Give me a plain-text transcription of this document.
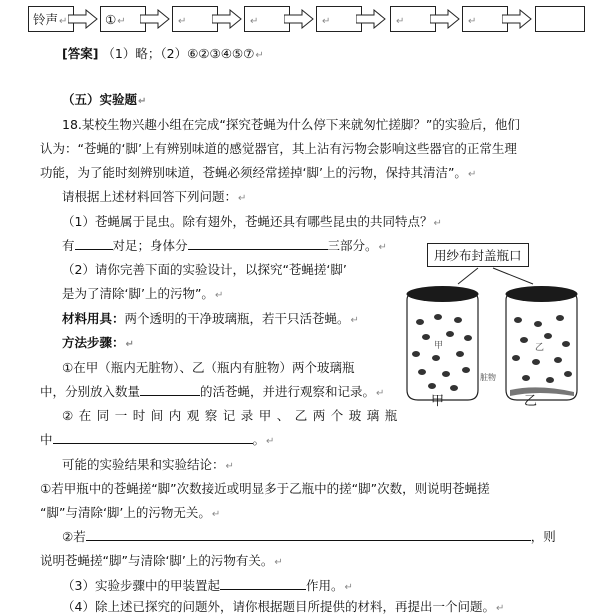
铃声↵	①↵	↵	↵	↵	↵	↵
[答案] （1）略；（2）⑥②③④⑤⑦↵
（五）实验题↵
18.某校生物兴趣小组在完成“探究苍蝇为什么停下来就匆忙搓脚？”的实验后，他们
认为：“苍蝇的‘脚’上有辨别味道的感觉器官，其上沾有污物会影响这些器官的正常生理
功能，为了能时刻辨别味道，苍蝇必须经常搓掉‘脚’上的污物，保持其清洁”。↵
请根据上述材料回答下列问题：↵
（1）苍蝇属于昆虫。除有翅外，苍蝇还具有哪些昆虫的共同特点？↵
有	对足；身体分	三部分。↵
（2）请你完善下面的实验设计，以探究“苍蝇搓‘脚’
是为了清除‘脚’上的污物”。↵
材料用具：两个透明的干净玻璃瓶，若干只活苍蝇。↵
方法步骤：↵
①在甲（瓶内无脏物）、乙（瓶内有脏物）两个玻璃瓶
中，分别放入数量	的活苍蝇，并进行观察和记录。↵
②在同一时间内观察记录甲、乙两个玻璃瓶
中	。↵
可能的实验结果和实验结论：↵
①若甲瓶中的苍蝇搓“脚”次数接近或明显多于乙瓶中的搓“脚”次数，则说明苍蝇搓
“脚”与清除‘脚’上的污物无关。↵
②若	，则
说明苍蝇搓“脚”与清除‘脚’上的污物有关。↵
（3）实验步骤中的甲装置起	作用。↵
（4）除上述已探究的问题外，请你根据题目所提供的材料，再提出一个问题。↵
用纱布封盖瓶口
甲	乙
脏物
甲	乙
